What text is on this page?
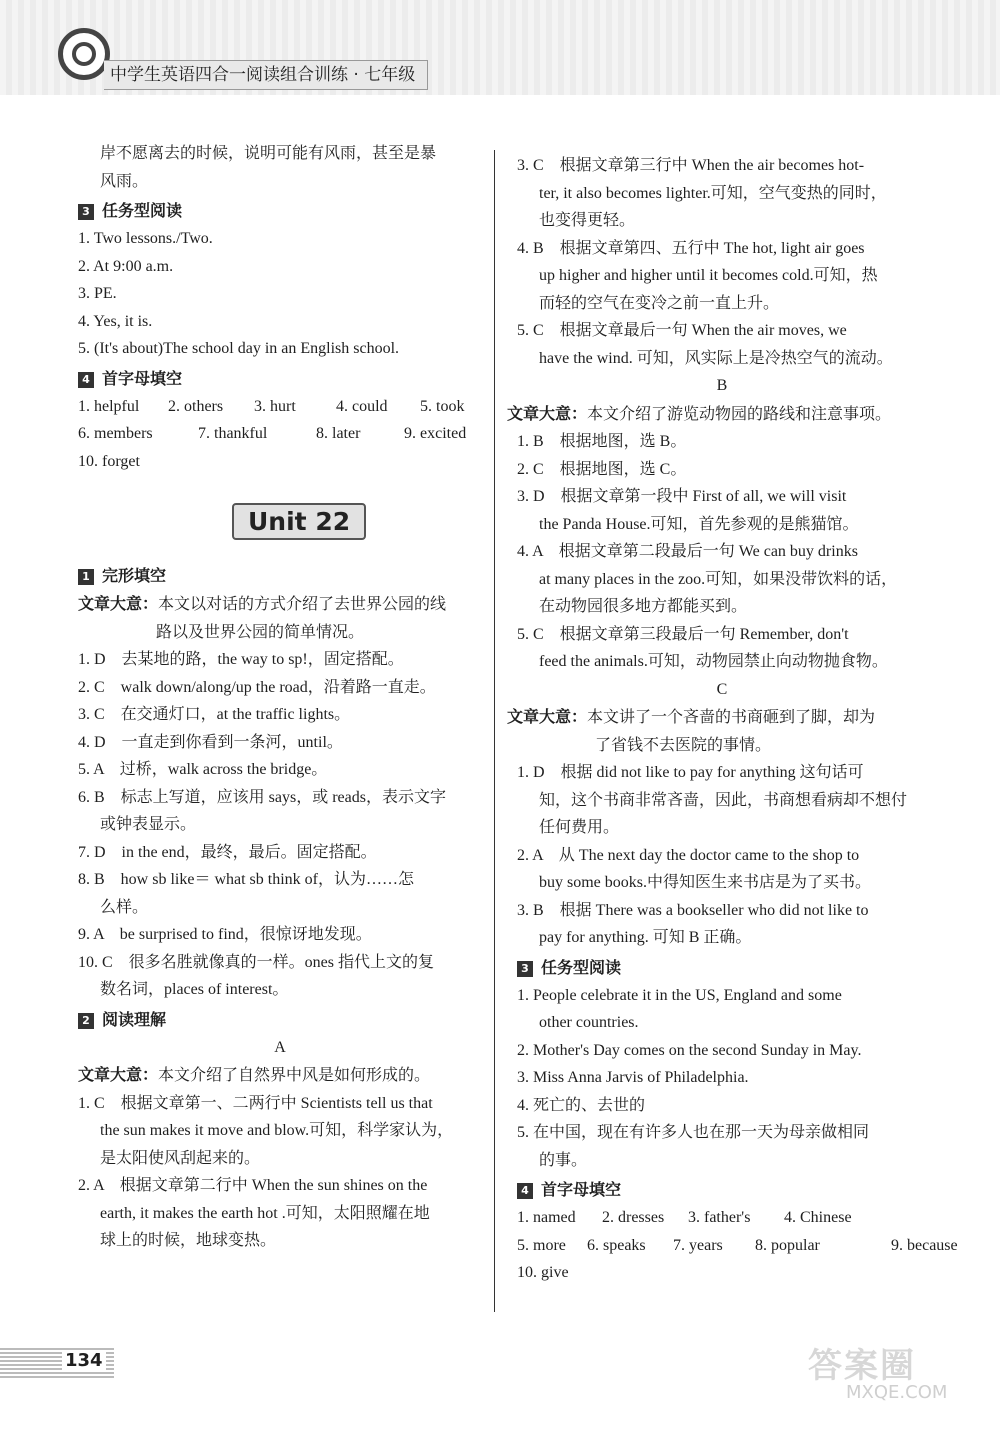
中学生英语四合一阅读组合训练 · 七年级
岸不愿离去的时候，说明可能有风雨，甚至是暴
风雨。
3 任务型阅读
1. Two lessons./Two.
2. At 9:00 a.m.
3. PE.
4. Yes, it is.
5. (It's about)The school day in an English school.
4 首字母填空
1. helpful	2. others	3. hurt	4. could	5. took
6. members	7. thankful	8. later	9. excited
10. forget
Unit 22
1 完形填空
文章大意：本文以对话的方式介绍了去世界公园的线
路以及世界公园的简单情况。
1. D　去某地的路，the way to sp!，固定搭配。
2. C　walk down/along/up the road，沿着路一直走。
3. C　在交通灯口，at the traffic lights。
4. D　一直走到你看到一条河，until。
5. A　过桥，walk across the bridge。
6. B　标志上写道，应该用 says，或 reads，表示文字
或钟表显示。
7. D　in the end，最终，最后。固定搭配。
8. B　how sb like＝ what sb think of，认为……怎
么样。
9. A　be surprised to find，很惊讶地发现。
10. C　很多名胜就像真的一样。ones 指代上文的复
数名词，places of interest。
2 阅读理解
A
文章大意：本文介绍了自然界中风是如何形成的。
1. C　根据文章第一、二两行中 Scientists tell us that
the sun makes it move and blow.可知，科学家认为，
是太阳使风刮起来的。
2. A　根据文章第二行中 When the sun shines on the
earth, it makes the earth hot .可知，太阳照耀在地
球上的时候，地球变热。
3. C　根据文章第三行中 When the air becomes hot-
ter, it also becomes lighter.可知，空气变热的同时，
也变得更轻。
4. B　根据文章第四、五行中 The hot, light air goes
up higher and higher until it becomes cold.可知，热
而轻的空气在变冷之前一直上升。
5. C　根据文章最后一句 When the air moves, we
have the wind. 可知，风实际上是冷热空气的流动。
B
文章大意：本文介绍了游览动物园的路线和注意事项。
1. B　根据地图，选 B。
2. C　根据地图，选 C。
3. D　根据文章第一段中 First of all, we will visit
the Panda House.可知，首先参观的是熊猫馆。
4. A　根据文章第二段最后一句 We can buy drinks
at many places in the zoo.可知，如果没带饮料的话，
在动物园很多地方都能买到。
5. C　根据文章第三段最后一句 Remember, don't
feed the animals.可知，动物园禁止向动物抛食物。
C
文章大意：本文讲了一个吝啬的书商砸到了脚，却为
了省钱不去医院的事情。
1. D　根据 did not like to pay for anything 这句话可
知，这个书商非常吝啬，因此，书商想看病却不想付
任何费用。
2. A　从 The next day the doctor came to the shop to
buy some books.中得知医生来书店是为了买书。
3. B　根据 There was a bookseller who did not like to
pay for anything. 可知 B 正确。
3 任务型阅读
1. People celebrate it in the US, England and some
other countries.
2. Mother's Day comes on the second Sunday in May.
3. Miss Anna Jarvis of Philadelphia.
4. 死亡的、去世的
5. 在中国，现在有许多人也在那一天为母亲做相同
的事。
4 首字母填空
1. named	2. dresses	3. father's	4. Chinese
5. more	6. speaks	7. years	8. popular	9. because
10. give
134	答案圈
MXQE.COM
